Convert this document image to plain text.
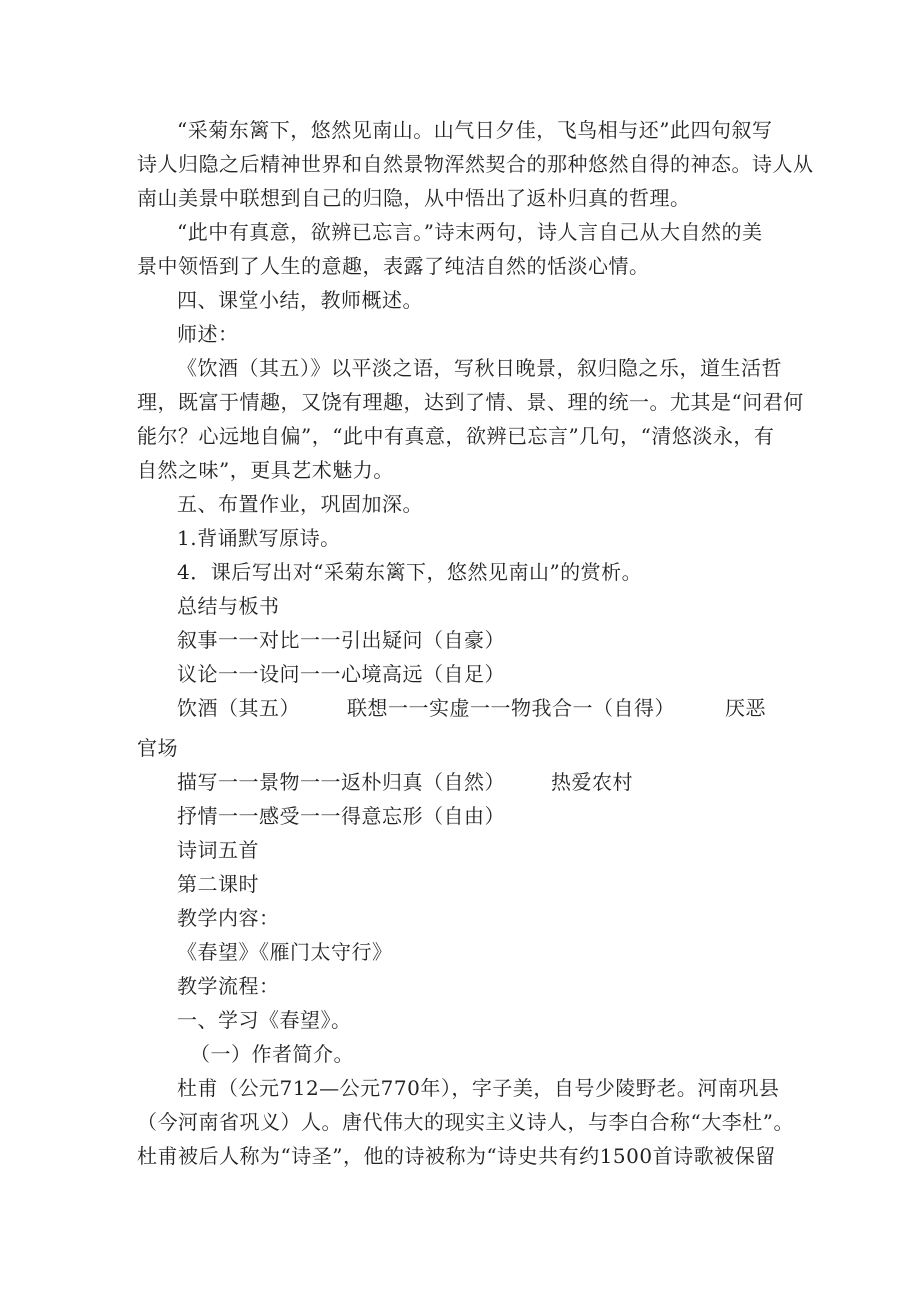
“采菊东篱下，悠然见南山。山气日夕佳，飞鸟相与还”此四句叙写
诗人归隐之后精神世界和自然景物浑然契合的那种悠然自得的神态。诗人从
南山美景中联想到自己的归隐，从中悟出了返朴归真的哲理。
“此中有真意，欲辨已忘言。”诗末两句，诗人言自己从大自然的美
景中领悟到了人生的意趣，表露了纯洁自然的恬淡心情。
四、课堂小结，教师概述。
师述：
《饮酒（其五）》以平淡之语，写秋日晚景，叙归隐之乐，道生活哲
理，既富于情趣，又饶有理趣，达到了情、景、理的统一。尤其是“问君何
能尔？心远地自偏”，“此中有真意，欲辨已忘言”几句，“清悠淡永，有
自然之味”，更具艺术魅力。
五、布置作业，巩固加深。
1.背诵默写原诗。
4．课后写出对“采菊东篱下，悠然见南山”的赏析。
总结与板书
叙事一一对比一一引出疑问（自豪）
议论一一设问一一心境高远（自足）
饮酒（其五） 联想一一实虚一一物我合一（自得）	厌恶
官场
描写一一景物一一返朴归真（自然） 热爱农村
抒情一一感受一一得意忘形（自由）
诗词五首
第二课时
教学内容：
《春望》《雁门太守行》
教学流程：
一、学习《春望》。
（一）作者简介。
杜甫（公元712—公元770年），字子美，自号少陵野老。河南巩县
（今河南省巩义）人。唐代伟大的现实主义诗人，与李白合称“大李杜”。
杜甫被后人称为“诗圣”，他的诗被称为“诗史共有约1500首诗歌被保留
